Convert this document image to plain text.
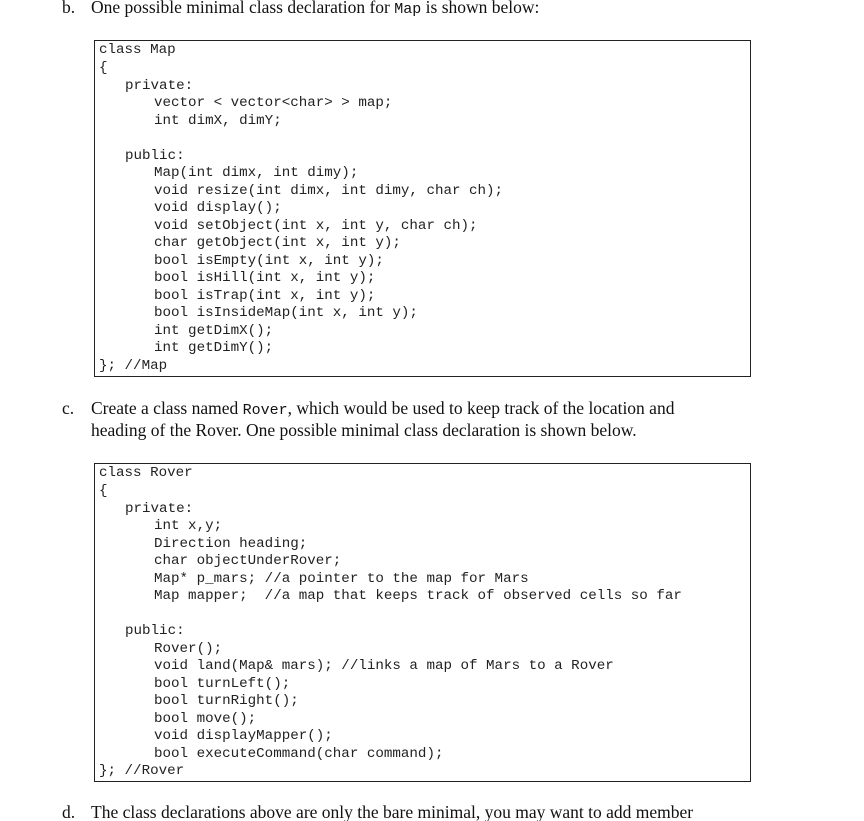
b. One possible minimal class declaration for Map is shown below:
class Map
{
private:
vector < vector<char> > map;
int dimX, dimY;
public:
Map(int dimx, int dimy);
void resize(int dimx, int dimy, char ch);
void display();
void setObject(int x, int y, char ch);
char getObject(int x, int y);
bool isEmpty(int x, int y);
bool isHill(int x, int y);
bool isTrap(int x, int y);
bool isInsideMap(int x, int y);
int getDimX();
int getDimY();
}; //Map
c. Create a class named Rover, which would be used to keep track of the location and
heading of the Rover. One possible minimal class declaration is shown below.
class Rover
{
private:
int x,y;
Direction heading;
char objectUnderRover;
Map* p_mars; //a pointer to the map for Mars
Map mapper;  //a map that keeps track of observed cells so far
public:
Rover();
void land(Map& mars); //links a map of Mars to a Rover
bool turnLeft();
bool turnRight();
bool move();
void displayMapper();
bool executeCommand(char command);
}; //Rover
d. The class declarations above are only the bare minimal, you may want to add member
